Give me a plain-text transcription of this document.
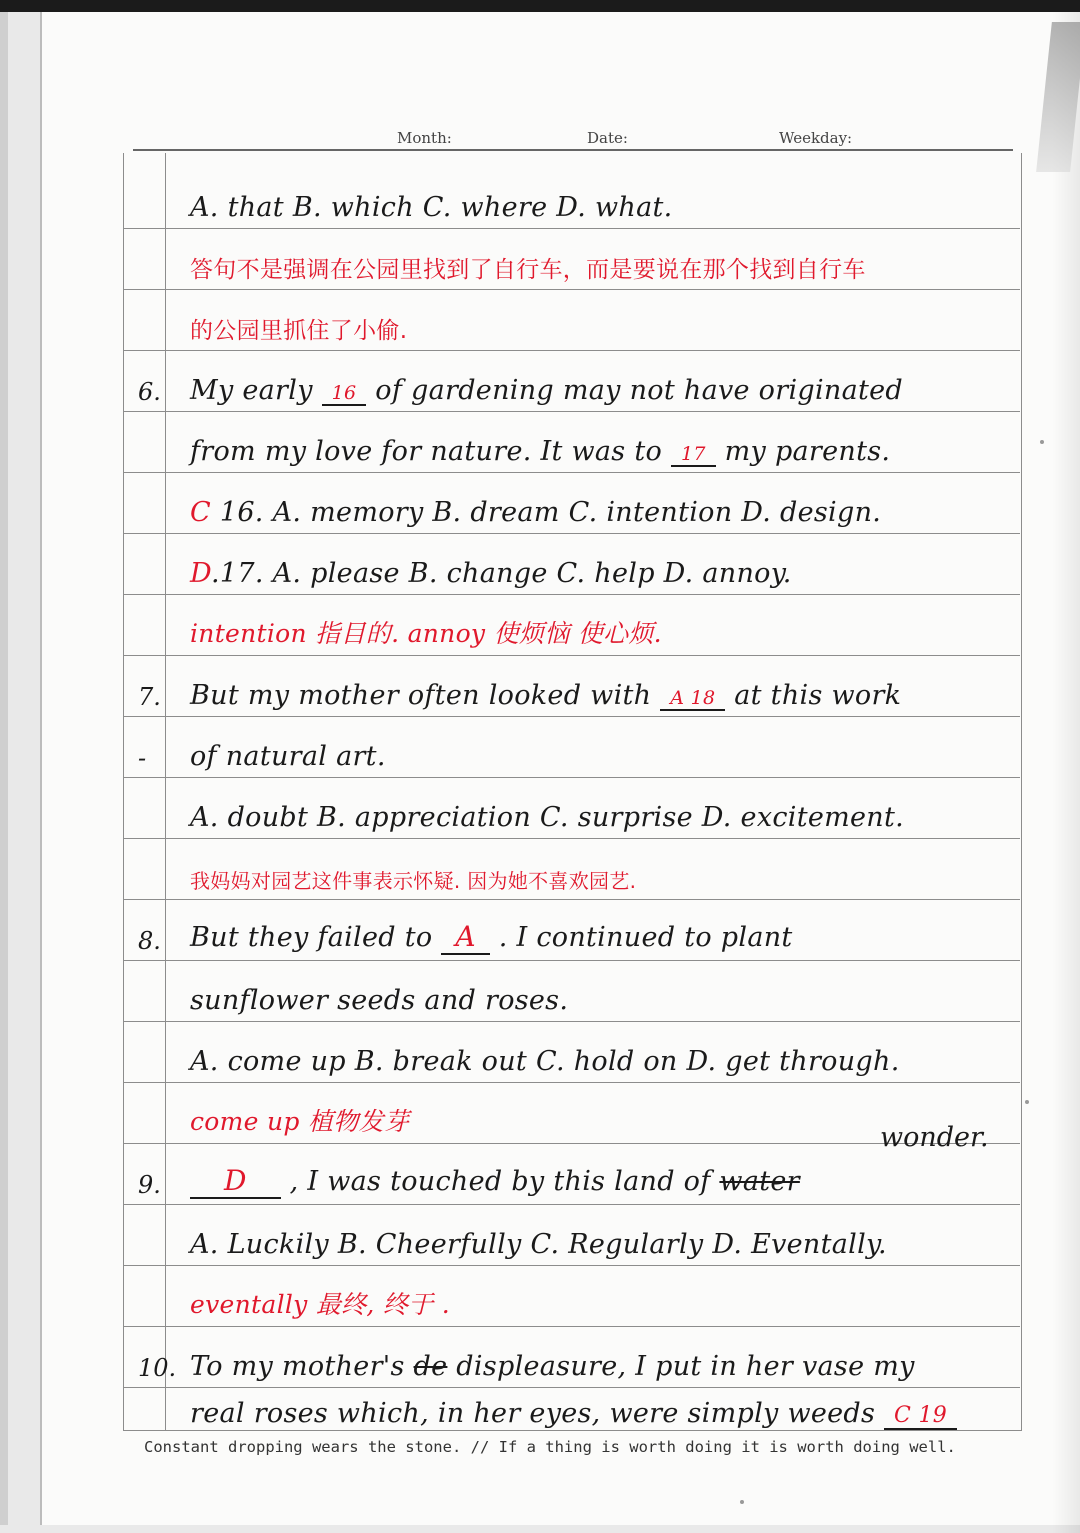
Month:	Date:	Weekday:
A. that B. which C. where D. what.
答句不是强调在公园里找到了自行车，而是要说在那个找到自行车
的公园里抓住了小偷.
6. My early 16 of gardening may not have originated
from my love for nature. It was to 17 my parents.
C 16. A. memory B. dream C. intention D. design.
D.17. A. please B. change C. help D. annoy.
intention 指目的. annoy 使烦恼 使心烦.
7. But my mother often looked with A 18 at this work
- of natural art.
A. doubt B. appreciation C. surprise D. excitement.
我妈妈对园艺这件事表示怀疑. 因为她不喜欢园艺.
8. But they failed to A . I continued to plant
sunflower seeds and roses.
A. come up B. break out C. hold on D. get through.
come up 植物发芽
9.	D , I was touched by this land of water
wonder.
A. Luckily B. Cheerfully C. Regularly D. Eventally.
eventally 最终, 终于 .
10. To my mother's de displeasure, I put in her vase my
real roses which, in her eyes, were simply weeds C 19
Constant dropping wears the stone. // If a thing is worth doing it is worth doing well.
